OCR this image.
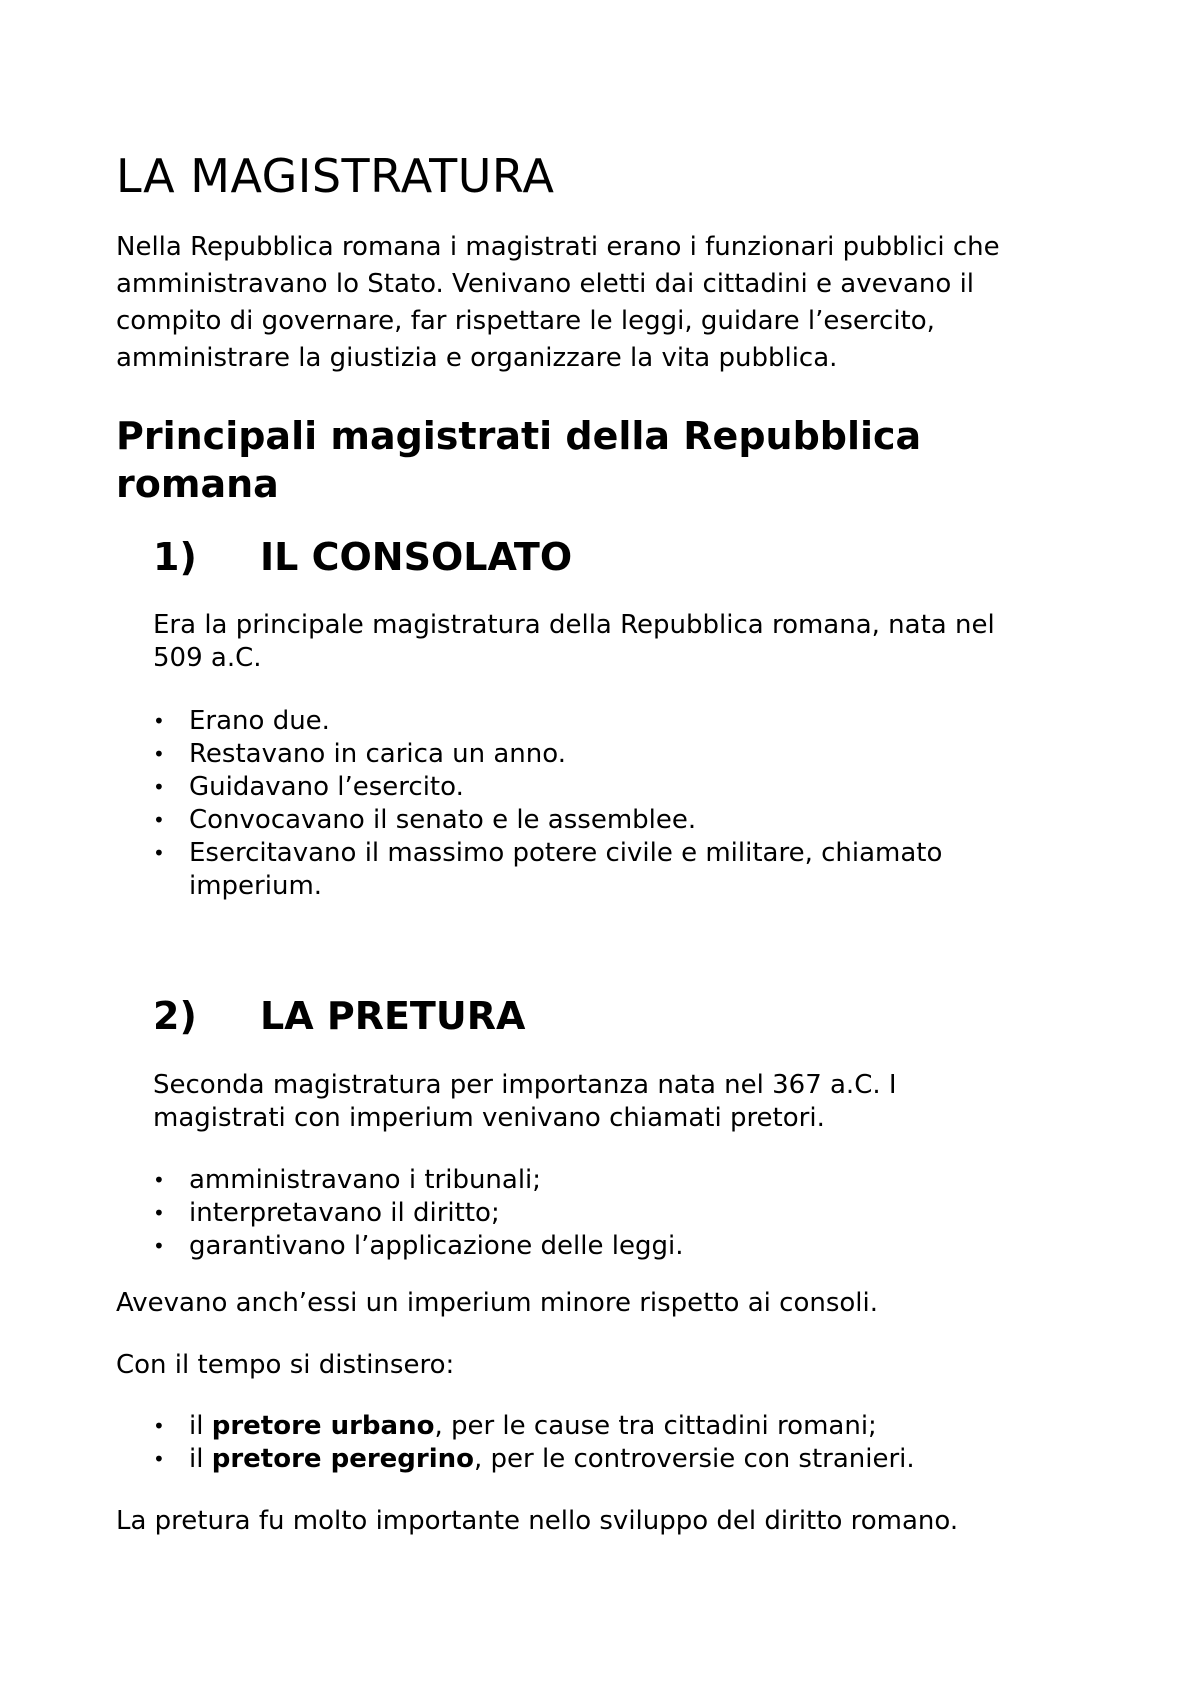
LA MAGISTRATURA
Nella Repubblica romana i magistrati erano i funzionari pubblici che
amministravano lo Stato. Venivano eletti dai cittadini e avevano il
compito di governare, far rispettare le leggi, guidare l’esercito,
amministrare la giustizia e organizzare la vita pubblica.
Principali magistrati della Repubblica
romana
1) IL CONSOLATO
Era la principale magistratura della Repubblica romana, nata nel
509 a.C.
• Erano due.
• Restavano in carica un anno.
• Guidavano l’esercito.
• Convocavano il senato e le assemblee.
• Esercitavano il massimo potere civile e militare, chiamato
imperium.
2) LA PRETURA
Seconda magistratura per importanza nata nel 367 a.C. I
magistrati con imperium venivano chiamati pretori.
• amministravano i tribunali;
• interpretavano il diritto;
• garantivano l’applicazione delle leggi.

Avevano anch’essi un imperium minore rispetto ai consoli.

Con il tempo si distinsero:

• il pretore urbano, per le cause tra cittadini romani;
• il pretore peregrino, per le controversie con stranieri.

La pretura fu molto importante nello sviluppo del diritto romano.
